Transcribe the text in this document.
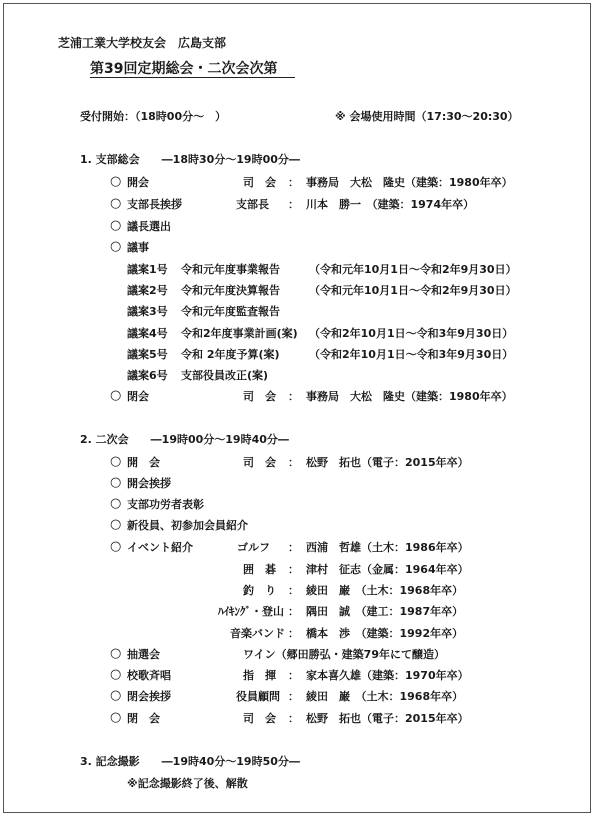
芝浦工業大学校友会　広島支部
第39回定期総会・二次会次第
受付開始：（18時00分～　）	※ 会場使用時間（17:30～20:30）
1. 支部総会　　―18時30分～19時00分―
○ 開会	司　会 ： 事務局　大松　隆史（建築：1980年卒）
○ 支部長挨拶	支部長 ： 川本　勝一　（建築：1974年卒）
○ 議長選出
○ 議事
議案1号 令和元年度事業報告	（令和元年10月1日～令和2年9月30日）
議案2号 令和元年度決算報告	（令和元年10月1日～令和2年9月30日）
議案3号 令和元年度監査報告
議案4号 令和2年度事業計画(案) （令和2年10月1日～令和3年9月30日）
議案5号 令和 2年度予算(案)	（令和2年10月1日～令和3年9月30日）
議案6号 支部役員改正(案)
○ 閉会	司　会 ： 事務局　大松　隆史（建築：1980年卒）
2. 二次会　　―19時00分～19時40分―
○ 開　会	司　会 ： 松野　拓也（電子：2015年卒）
○ 開会挨拶
○ 支部功労者表彰
○ 新役員、初参加会員紹介
○ イベント紹介	ゴルフ ： 西浦　哲雄（土木：1986年卒）
囲　碁 ： 津村　征志（金属：1964年卒）
釣　り ： 綾田　巌　（土木：1968年卒）
ﾊｲｷﾝｸﾞ・登山 ： 隅田　誠　（建工：1987年卒）
音楽バンド ： 橋本　渉　（建築：1992年卒）
○ 抽選会	ワイン（郷田勝弘・建築79年にて醸造）
○ 校歌斉唱	指　揮 ： 家本喜久雄（建築：1970年卒）
○ 閉会挨拶	役員顧問 ： 綾田　巌　（土木：1968年卒）
○ 閉　会	司　会 ： 松野　拓也（電子：2015年卒）
3. 記念撮影　　―19時40分～19時50分―
※記念撮影終了後、解散
